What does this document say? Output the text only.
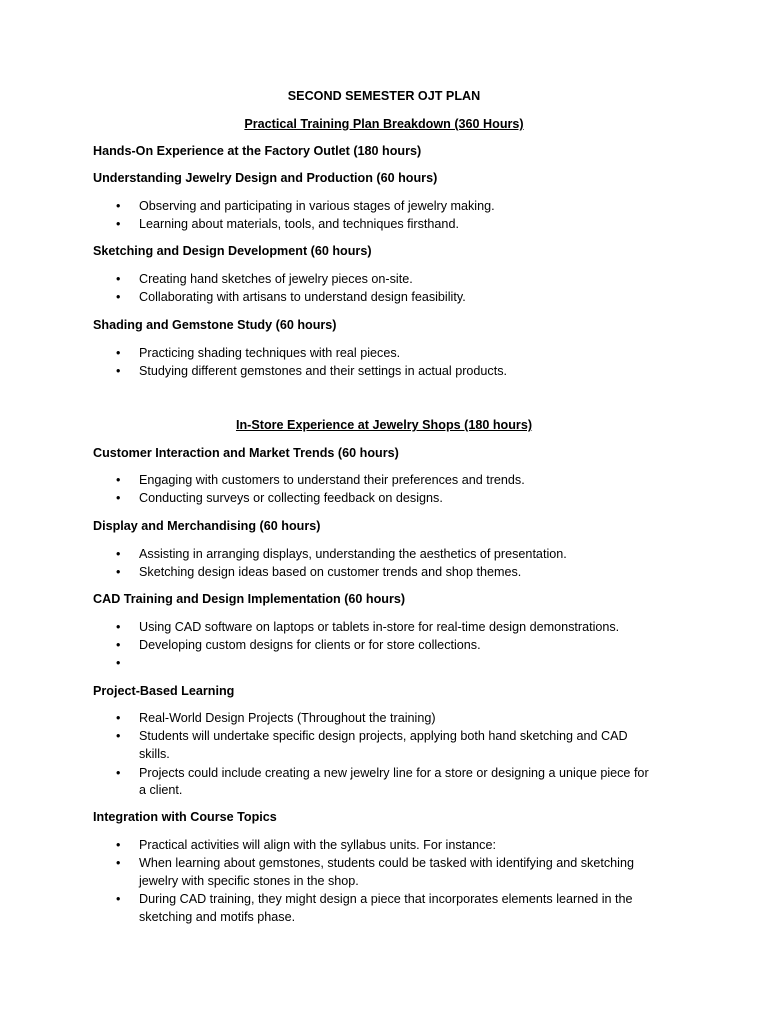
SECOND SEMESTER OJT PLAN
Practical Training Plan Breakdown (360 Hours)
Hands-On Experience at the Factory Outlet (180 hours)
Understanding Jewelry Design and Production (60 hours)
• Observing and participating in various stages of jewelry making.
• Learning about materials, tools, and techniques firsthand.
Sketching and Design Development (60 hours)
• Creating hand sketches of jewelry pieces on-site.
• Collaborating with artisans to understand design feasibility.
Shading and Gemstone Study (60 hours)
• Practicing shading techniques with real pieces.
• Studying different gemstones and their settings in actual products.
In-Store Experience at Jewelry Shops (180 hours)
Customer Interaction and Market Trends (60 hours)
• Engaging with customers to understand their preferences and trends.
• Conducting surveys or collecting feedback on designs.
Display and Merchandising (60 hours)
• Assisting in arranging displays, understanding the aesthetics of presentation.
• Sketching design ideas based on customer trends and shop themes.
CAD Training and Design Implementation (60 hours)
• Using CAD software on laptops or tablets in-store for real-time design demonstrations.
• Developing custom designs for clients or for store collections.
•
Project-Based Learning
• Real-World Design Projects (Throughout the training)
• Students will undertake specific design projects, applying both hand sketching and CAD
skills.
• Projects could include creating a new jewelry line for a store or designing a unique piece for
a client.
Integration with Course Topics
• Practical activities will align with the syllabus units. For instance:
• When learning about gemstones, students could be tasked with identifying and sketching
jewelry with specific stones in the shop.
• During CAD training, they might design a piece that incorporates elements learned in the
sketching and motifs phase.
